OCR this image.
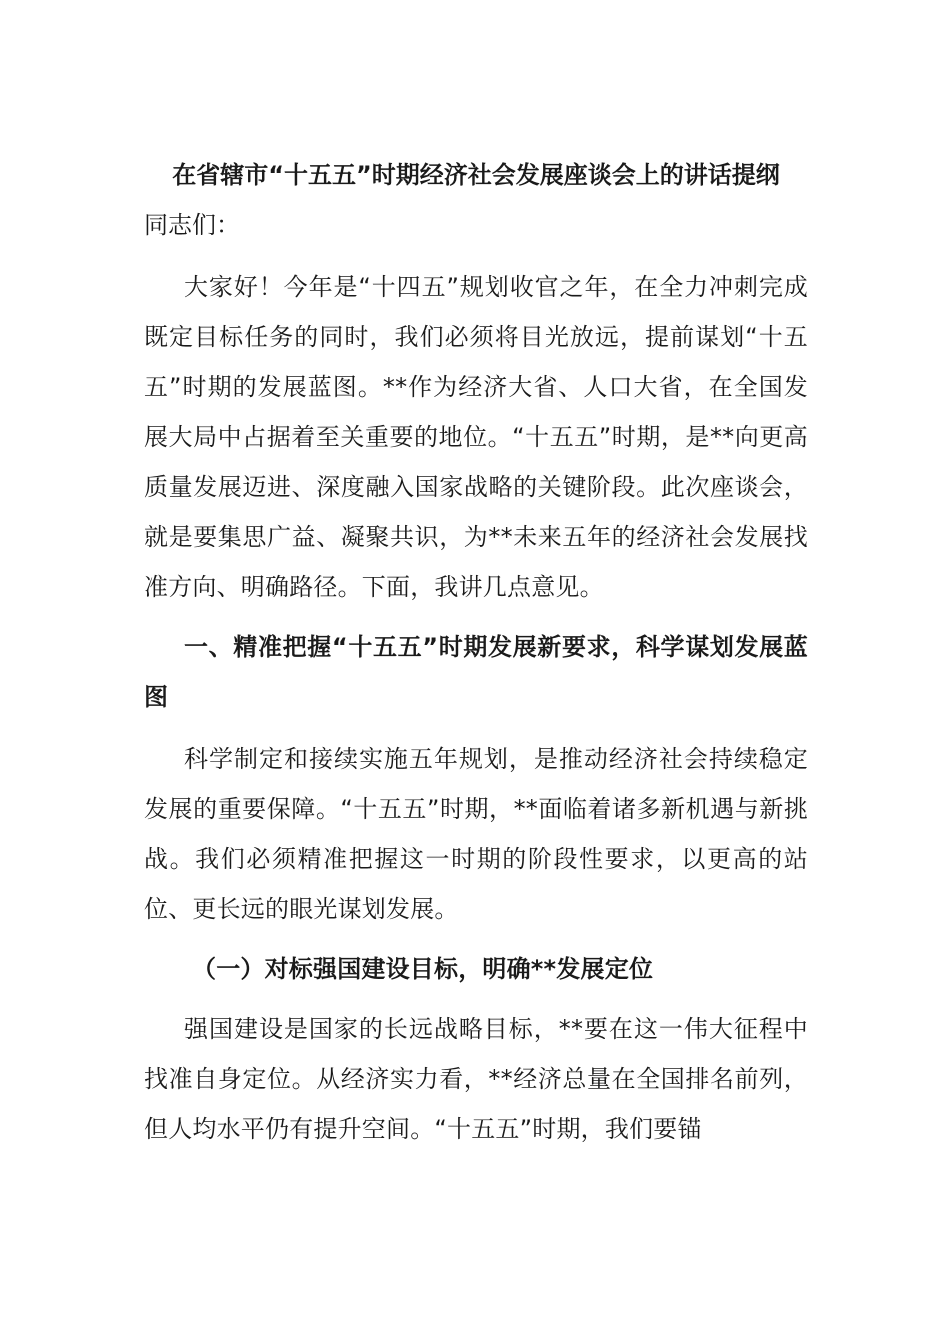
在省辖市“十五五”时期经济社会发展座谈会上的讲话提纲
同志们：

大家好！今年是“十四五”规划收官之年，在全力冲刺完成既定目标任务的同时，我们必须将目光放远，提前谋划“十五五”时期的发展蓝图。**作为经济大省、人口大省，在全国发展大局中占据着至关重要的地位。“十五五”时期，是**向更高质量发展迈进、深度融入国家战略的关键阶段。此次座谈会，就是要集思广益、凝聚共识，为**未来五年的经济社会发展找准方向、明确路径。下面，我讲几点意见。

一、精准把握“十五五”时期发展新要求，科学谋划发展蓝图

科学制定和接续实施五年规划，是推动经济社会持续稳定发展的重要保障。“十五五”时期，**面临着诸多新机遇与新挑战。我们必须精准把握这一时期的阶段性要求，以更高的站位、更长远的眼光谋划发展。

（一）对标强国建设目标，明确**发展定位

强国建设是国家的长远战略目标，**要在这一伟大征程中找准自身定位。从经济实力看，**经济总量在全国排名前列，但人均水平仍有提升空间。“十五五”时期，我们要锚
